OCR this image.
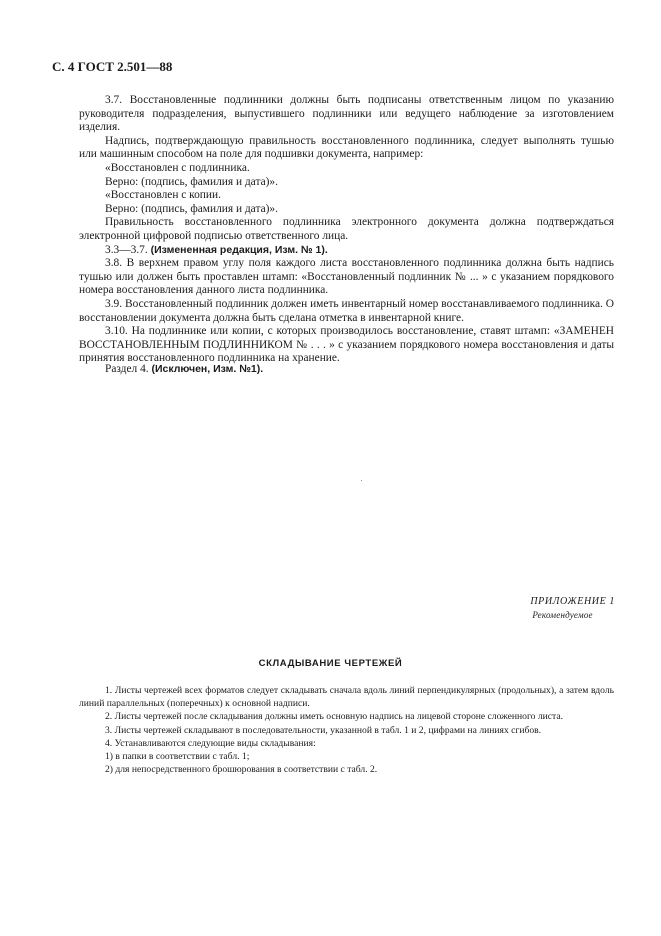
С. 4 ГОСТ 2.501—88

3.7. Восстановленные подлинники должны быть подписаны ответственным лицом по указанию руководителя подразделения, выпустившего подлинники или ведущего наблюдение за изготовлением изделия.

Надпись, подтверждающую правильность восстановленного подлинника, следует выполнять тушью или машинным способом на поле для подшивки документа, например:

«Восстановлен с подлинника.

Верно: (подпись, фамилия и дата)».

«Восстановлен с копии.

Верно: (подпись, фамилия и дата)».

Правильность восстановленного подлинника электронного документа должна подтверждаться электронной цифровой подписью ответственного лица.

3.3—3.7. (Измененная редакция, Изм. № 1).

3.8. В верхнем правом углу поля каждого листа восстановленного подлинника должна быть надпись тушью или должен быть проставлен штамп: «Восстановленный подлинник № ... » с указанием порядкового номера восстановления данного листа подлинника.

3.9. Восстановленный подлинник должен иметь инвентарный номер восстанавливаемого подлинника. О восстановлении документа должна быть сделана отметка в инвентарной книге.

3.10. На подлиннике или копии, с которых производилось восстановление, ставят штамп: «ЗАМЕНЕН ВОССТАНОВЛЕННЫМ ПОДЛИННИКОМ № . . . » с указанием порядкового номера восстановления и даты принятия восстановленного подлинника на хранение.

Раздел 4. (Исключен, Изм. №1).
ПРИЛОЖЕНИЕ 1
Рекомендуемое
СКЛАДЫВАНИЕ ЧЕРТЕЖЕЙ

1. Листы чертежей всех форматов следует складывать сначала вдоль линий перпендикулярных (продольных), а затем вдоль линий параллельных (поперечных) к основной надписи.

2. Листы чертежей после складывания должны иметь основную надпись на лицевой стороне сложенного листа.

3. Листы чертежей складывают в последовательности, указанной в табл. 1 и 2, цифрами на линиях сгибов.

4. Устанавливаются следующие виды складывания:

1) в папки в соответствии с табл. 1;

2) для непосредственного брошюрования в соответствии с табл. 2.
